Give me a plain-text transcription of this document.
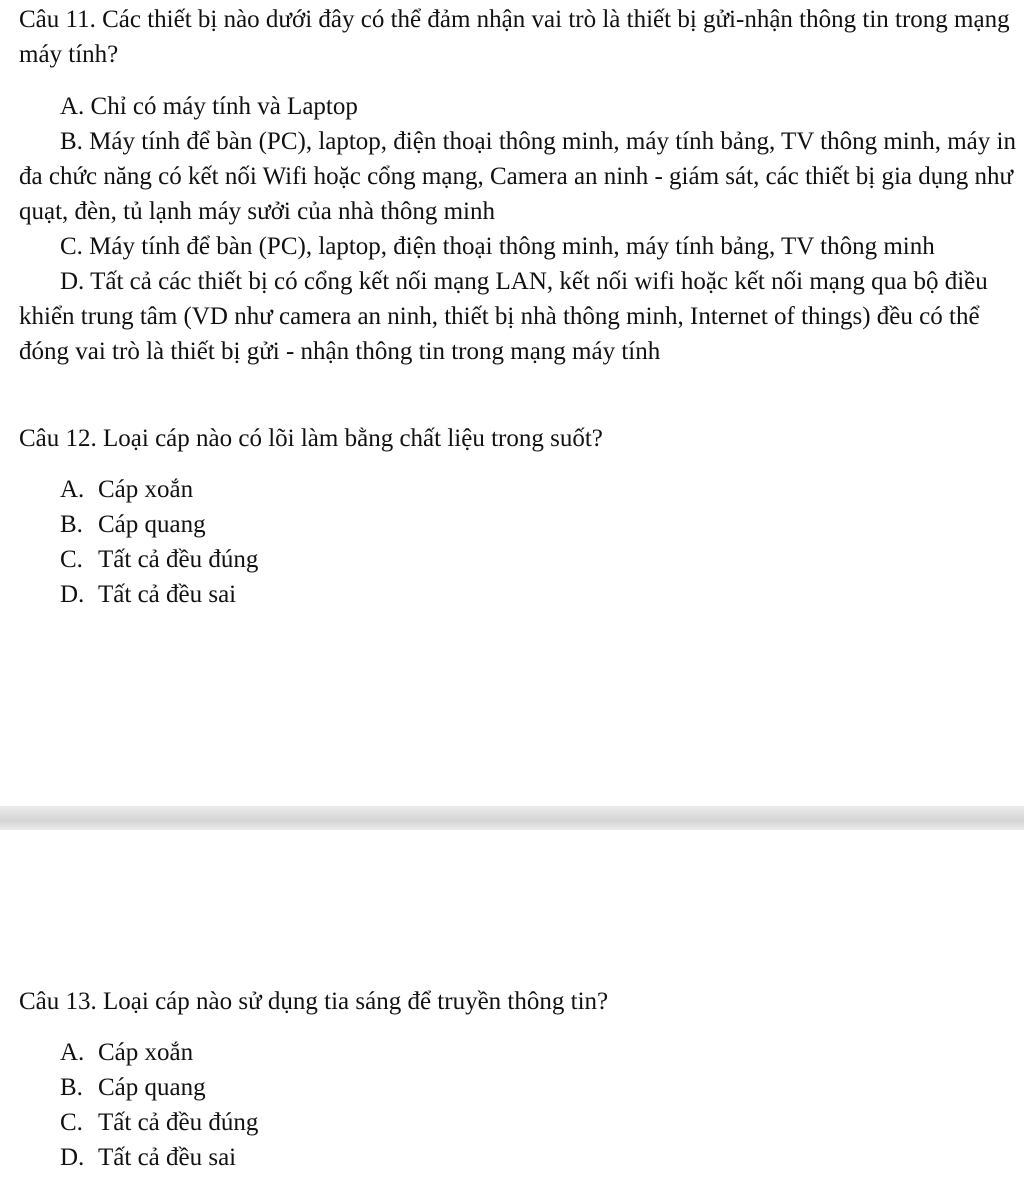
Câu 11. Các thiết bị nào dưới đây có thể đảm nhận vai trò là thiết bị gửi-nhận thông tin trong mạng máy tính?

A. Chỉ có máy tính và Laptop

B. Máy tính để bàn (PC), laptop, điện thoại thông minh, máy tính bảng, TV thông minh, máy in đa chức năng có kết nối Wifi hoặc cổng mạng, Camera an ninh - giám sát, các thiết bị gia dụng như quạt, đèn, tủ lạnh máy sưởi của nhà thông minh

C. Máy tính để bàn (PC), laptop, điện thoại thông minh, máy tính bảng, TV thông minh

D. Tất cả các thiết bị có cổng kết nối mạng LAN, kết nối wifi hoặc kết nối mạng qua bộ điều khiển trung tâm (VD như camera an ninh, thiết bị nhà thông minh, Internet of things) đều có thể đóng vai trò là thiết bị gửi - nhận thông tin trong mạng máy tính

Câu 12. Loại cáp nào có lõi làm bằng chất liệu trong suốt?

A. Cáp xoắn

B. Cáp quang

C. Tất cả đều đúng

D. Tất cả đều sai

Câu 13. Loại cáp nào sử dụng tia sáng để truyền thông tin?

A. Cáp xoắn

B. Cáp quang

C. Tất cả đều đúng

D. Tất cả đều sai
